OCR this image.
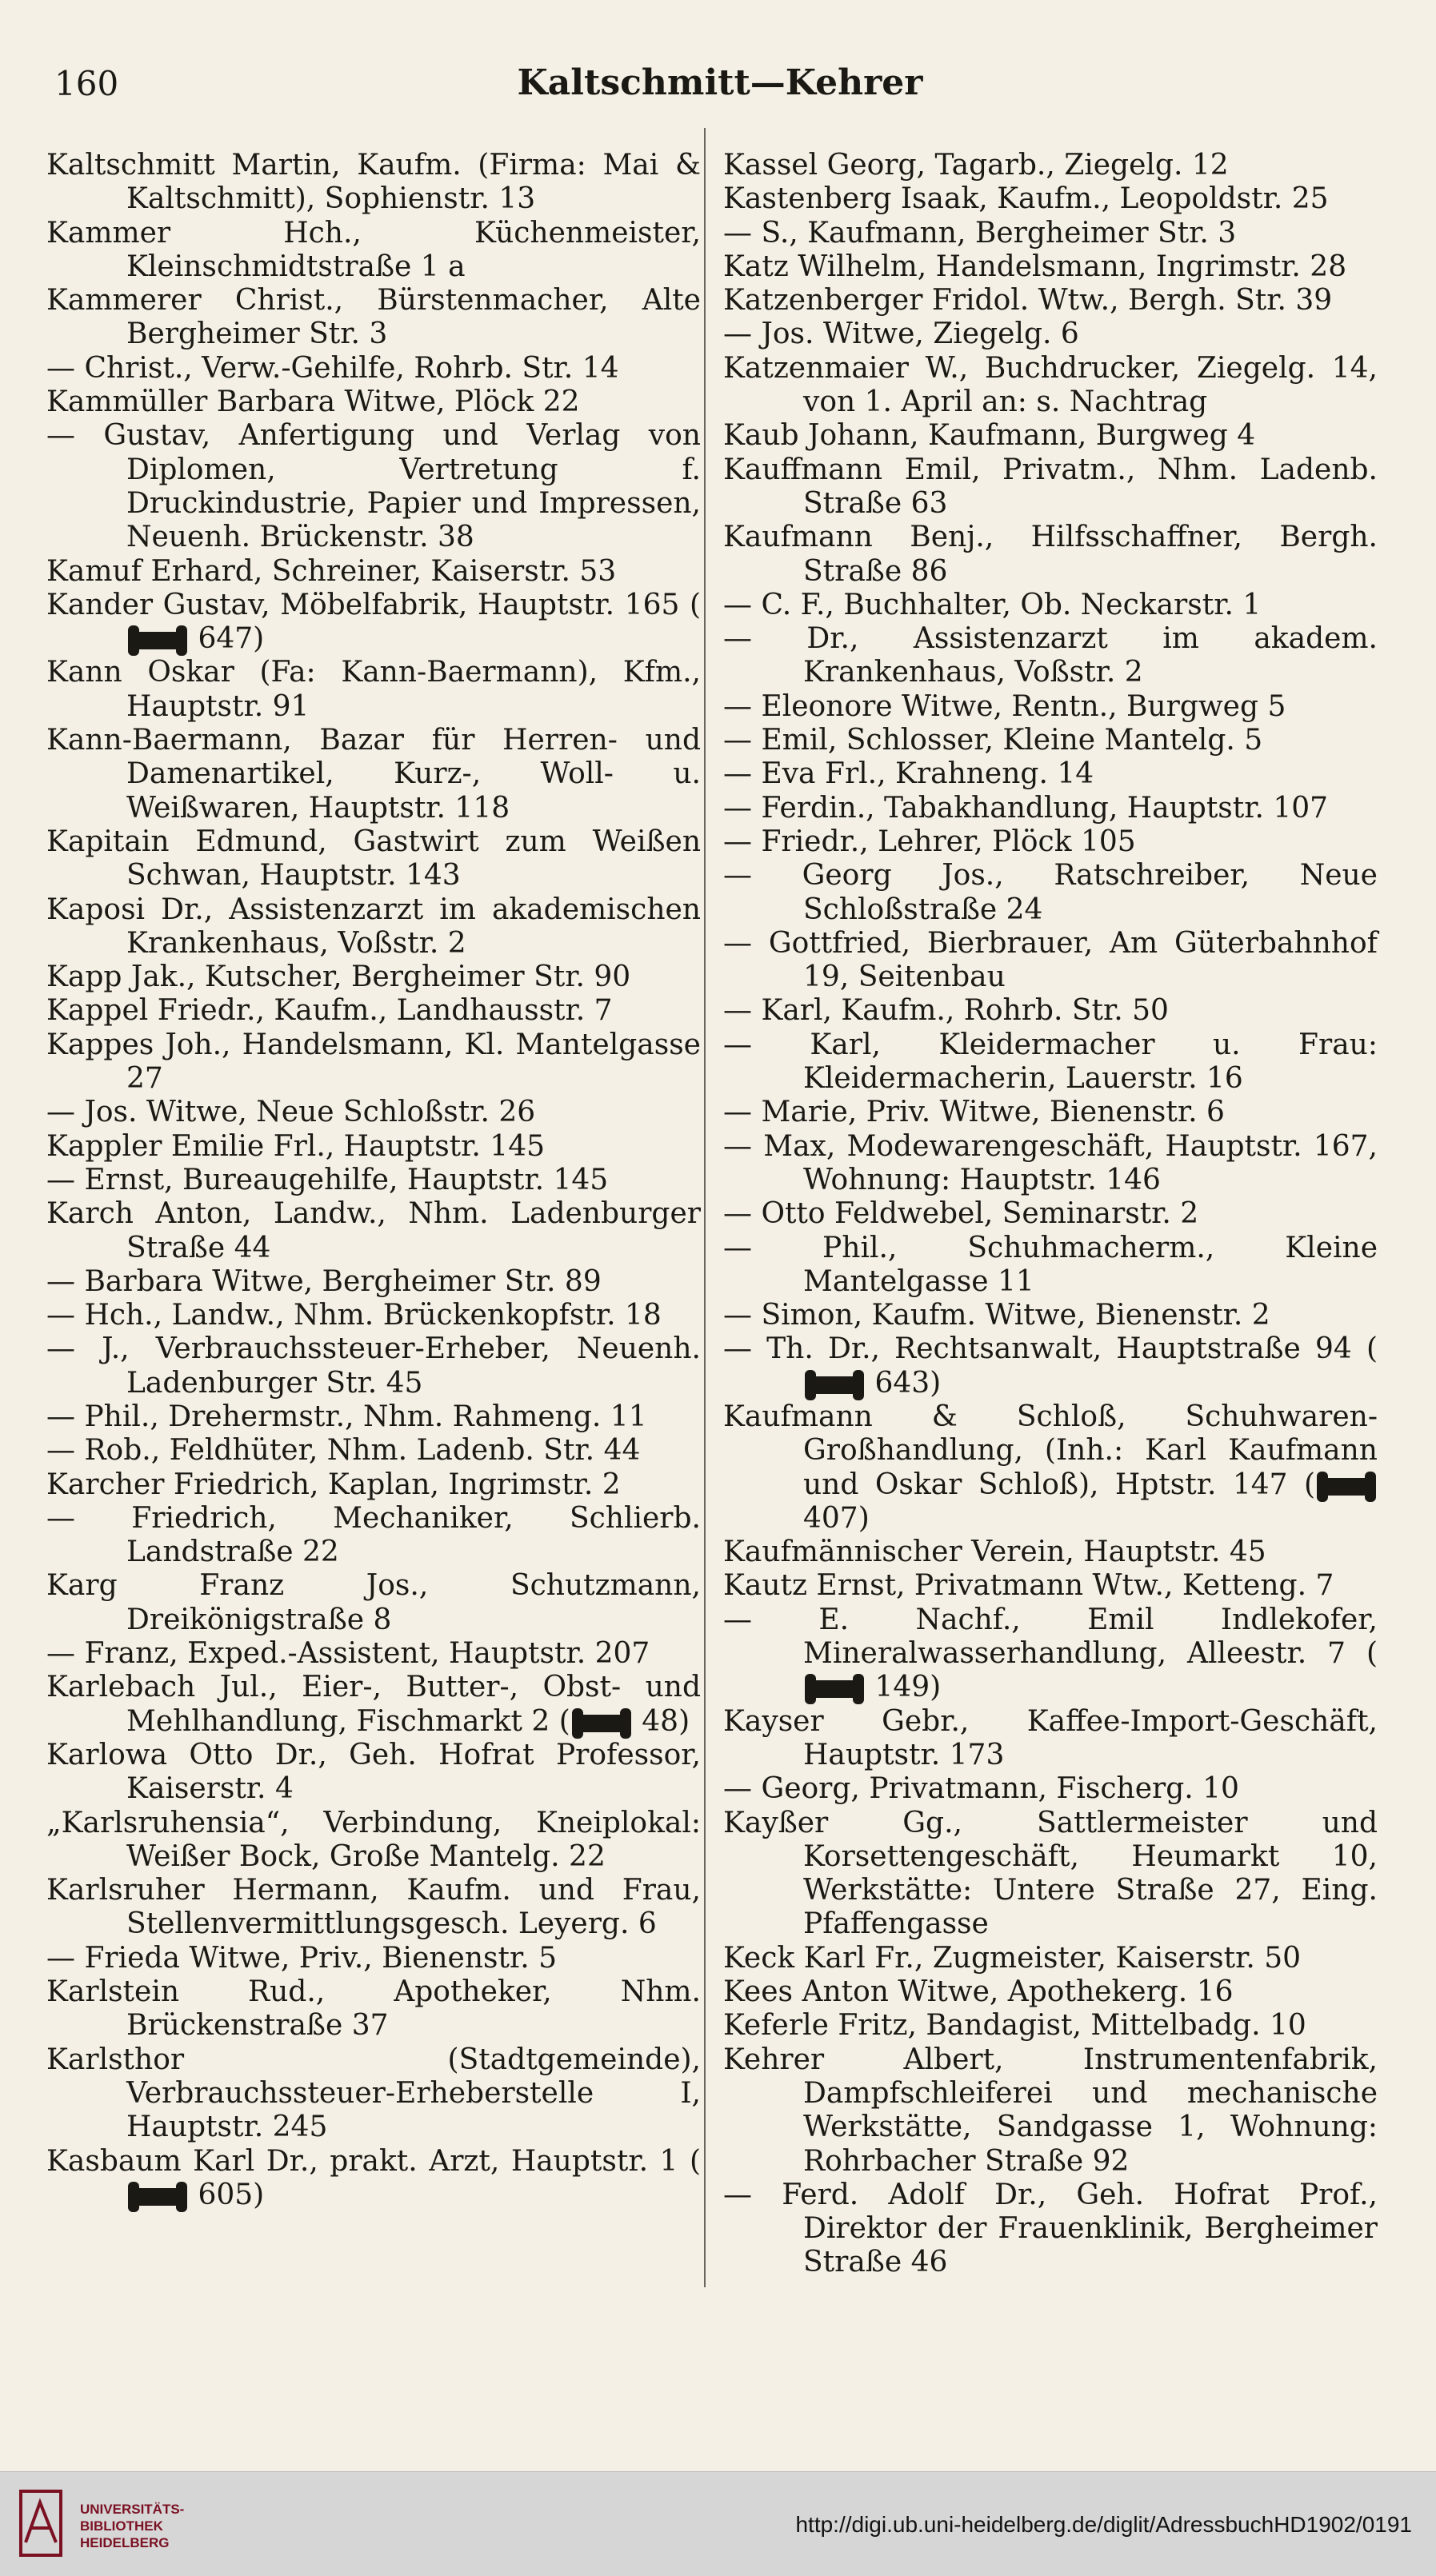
160	Kaltschmitt—Kehrer
Kaltschmitt Martin, Kaufm. (Firma: Mai & Kaltschmitt), Sophienstr. 13
Kammer Hch., Küchenmeister, Kleinschmidtstraße 1 a
Kammerer Christ., Bürstenmacher, Alte Bergheimer Str. 3
— Christ., Verw.-Gehilfe, Rohrb. Str. 14
Kammüller Barbara Witwe, Plöck 22
— Gustav, Anfertigung und Verlag von Diplomen, Vertretung f. Druckindustrie, Papier und Impressen, Neuenh. Brückenstr. 38
Kamuf Erhard, Schreiner, Kaiserstr. 53
Kander Gustav, Möbelfabrik, Hauptstr. 165 ( 647)
Kann Oskar (Fa: Kann-Baermann), Kfm., Hauptstr. 91
Kann-Baermann, Bazar für Herren- und Damenartikel, Kurz-, Woll- u. Weißwaren, Hauptstr. 118
Kapitain Edmund, Gastwirt zum Weißen Schwan, Hauptstr. 143
Kaposi Dr., Assistenzarzt im akademischen Krankenhaus, Voßstr. 2
Kapp Jak., Kutscher, Bergheimer Str. 90
Kappel Friedr., Kaufm., Landhausstr. 7
Kappes Joh., Handelsmann, Kl. Mantelgasse 27
— Jos. Witwe, Neue Schloßstr. 26
Kappler Emilie Frl., Hauptstr. 145
— Ernst, Bureaugehilfe, Hauptstr. 145
Karch Anton, Landw., Nhm. Ladenburger Straße 44
— Barbara Witwe, Bergheimer Str. 89
— Hch., Landw., Nhm. Brückenkopfstr. 18
— J., Verbrauchssteuer-Erheber, Neuenh. Ladenburger Str. 45
— Phil., Drehermstr., Nhm. Rahmeng. 11
— Rob., Feldhüter, Nhm. Ladenb. Str. 44
Karcher Friedrich, Kaplan, Ingrimstr. 2
— Friedrich, Mechaniker, Schlierb. Landstraße 22
Karg Franz Jos., Schutzmann, Dreikönigstraße 8
— Franz, Exped.-Assistent, Hauptstr. 207
Karlebach Jul., Eier-, Butter-, Obst- und Mehlhandlung, Fischmarkt 2 ( 48)
Karlowa Otto Dr., Geh. Hofrat Professor, Kaiserstr. 4
„Karlsruhensia“, Verbindung, Kneiplokal: Weißer Bock, Große Mantelg. 22
Karlsruher Hermann, Kaufm. und Frau, Stellenvermittlungsgesch. Leyerg. 6
— Frieda Witwe, Priv., Bienenstr. 5
Karlstein Rud., Apotheker, Nhm. Brückenstraße 37
Karlsthor (Stadtgemeinde), Verbrauchssteuer-Erheberstelle I, Hauptstr. 245
Kasbaum Karl Dr., prakt. Arzt, Hauptstr. 1 ( 605)
Kassel Georg, Tagarb., Ziegelg. 12
Kastenberg Isaak, Kaufm., Leopoldstr. 25
— S., Kaufmann, Bergheimer Str. 3
Katz Wilhelm, Handelsmann, Ingrimstr. 28
Katzenberger Fridol. Wtw., Bergh. Str. 39
— Jos. Witwe, Ziegelg. 6
Katzenmaier W., Buchdrucker, Ziegelg. 14, von 1. April an: s. Nachtrag
Kaub Johann, Kaufmann, Burgweg 4
Kauffmann Emil, Privatm., Nhm. Ladenb. Straße 63
Kaufmann Benj., Hilfsschaffner, Bergh. Straße 86
— C. F., Buchhalter, Ob. Neckarstr. 1
— Dr., Assistenzarzt im akadem. Krankenhaus, Voßstr. 2
— Eleonore Witwe, Rentn., Burgweg 5
— Emil, Schlosser, Kleine Mantelg. 5
— Eva Frl., Krahneng. 14
— Ferdin., Tabakhandlung, Hauptstr. 107
— Friedr., Lehrer, Plöck 105
— Georg Jos., Ratschreiber, Neue Schloßstraße 24
— Gottfried, Bierbrauer, Am Güterbahnhof 19, Seitenbau
— Karl, Kaufm., Rohrb. Str. 50
— Karl, Kleidermacher u. Frau: Kleidermacherin, Lauerstr. 16
— Marie, Priv. Witwe, Bienenstr. 6
— Max, Modewarengeschäft, Hauptstr. 167, Wohnung: Hauptstr. 146
— Otto Feldwebel, Seminarstr. 2
— Phil., Schuhmacherm., Kleine Mantelgasse 11
— Simon, Kaufm. Witwe, Bienenstr. 2
— Th. Dr., Rechtsanwalt, Hauptstraße 94 ( 643)
Kaufmann & Schloß, Schuhwaren-Großhandlung, (Inh.: Karl Kaufmann und Oskar Schloß), Hptstr. 147 ( 407)
Kaufmännischer Verein, Hauptstr. 45
Kautz Ernst, Privatmann Wtw., Ketteng. 7
— E. Nachf., Emil Indlekofer, Mineralwasserhandlung, Alleestr. 7 ( 149)
Kayser Gebr., Kaffee-Import-Geschäft, Hauptstr. 173
— Georg, Privatmann, Fischerg. 10
Kayßer Gg., Sattlermeister und Korsettengeschäft, Heumarkt 10, Werkstätte: Untere Straße 27, Eing. Pfaffengasse
Keck Karl Fr., Zugmeister, Kaiserstr. 50
Kees Anton Witwe, Apothekerg. 16
Keferle Fritz, Bandagist, Mittelbadg. 10
Kehrer Albert, Instrumentenfabrik, Dampfschleiferei und mechanische Werkstätte, Sandgasse 1, Wohnung: Rohrbacher Straße 92
— Ferd. Adolf Dr., Geh. Hofrat Prof., Direktor der Frauenklinik, Bergheimer Straße 46
UNIVERSITÄTS-
BIBLIOTHEK
HEIDELBERG
http://digi.ub.uni-heidelberg.de/diglit/AdressbuchHD1902/0191
